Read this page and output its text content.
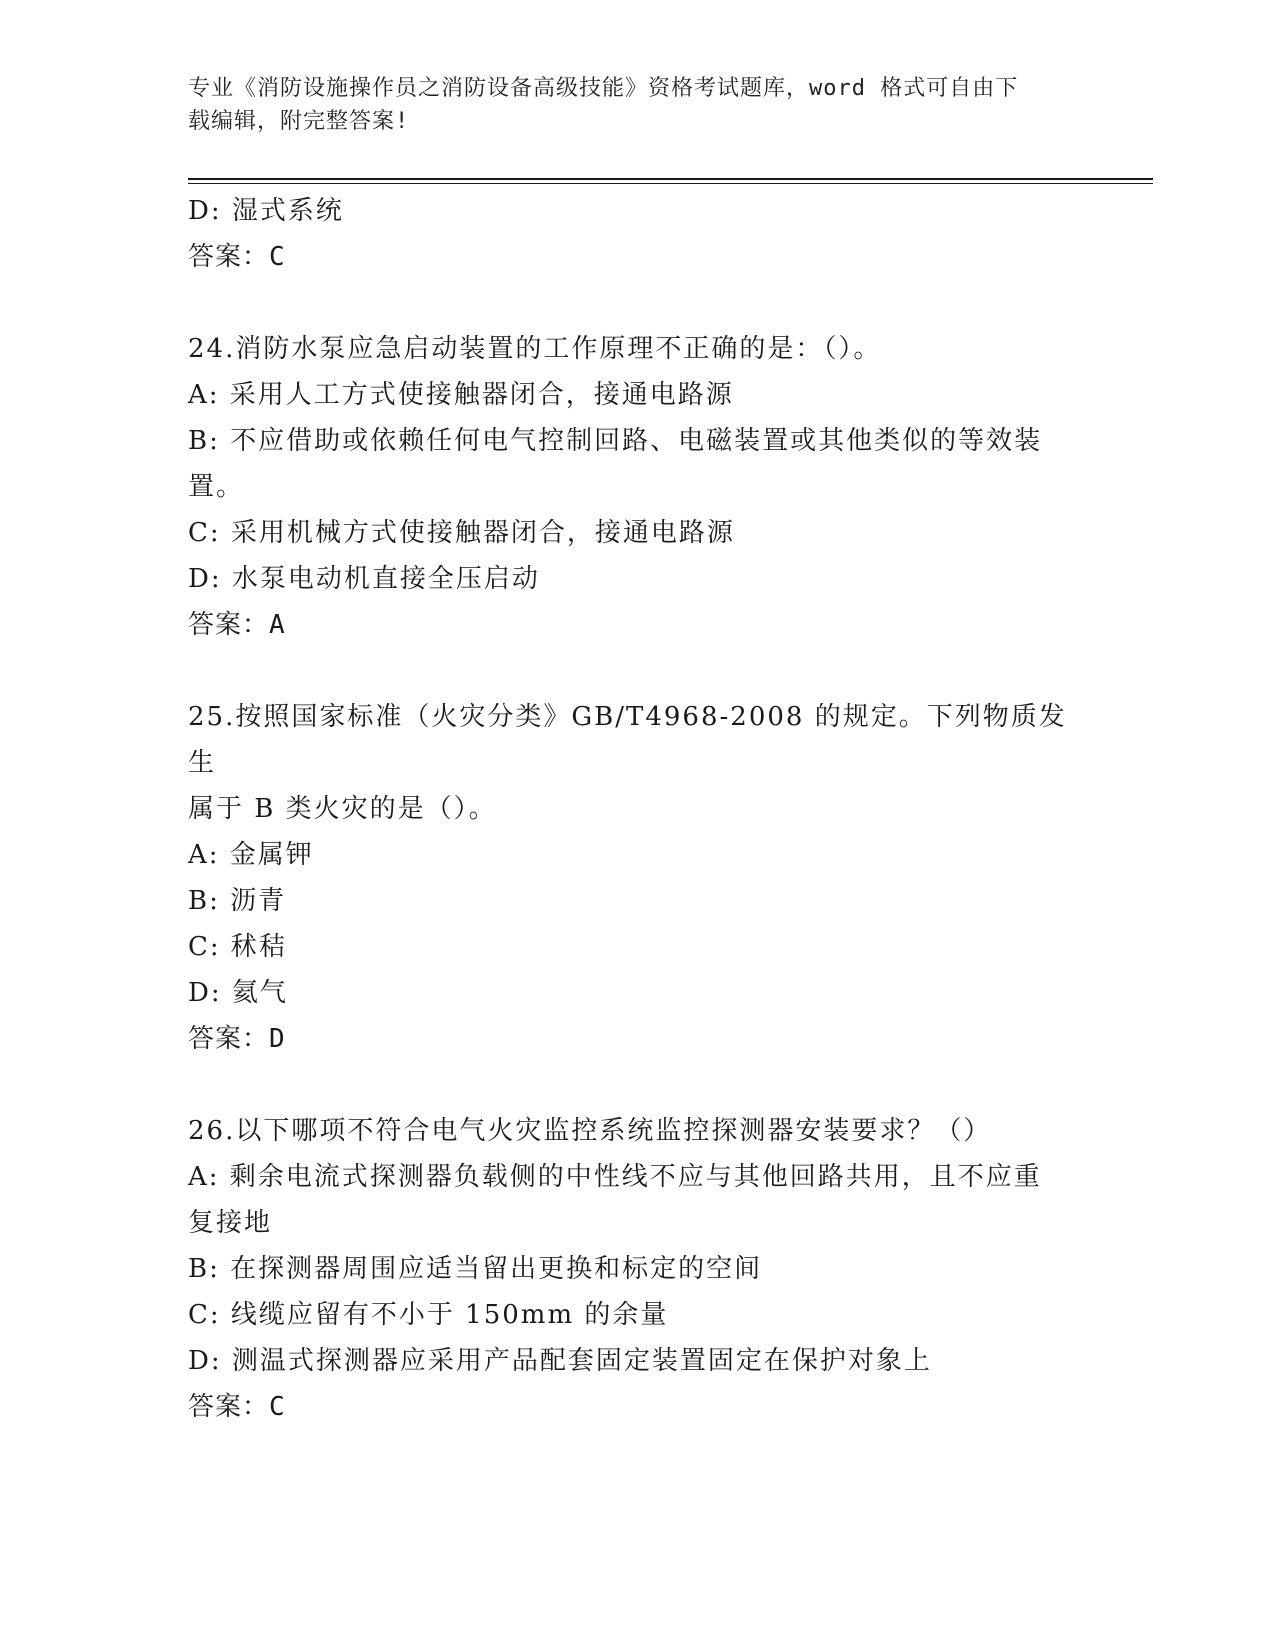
专业《消防设施操作员之消防设备高级技能》资格考试题库，word 格式可自由下
载编辑，附完整答案!

D: 湿式系统

答案：C

24.消防水泵应急启动装置的工作原理不正确的是：（）。

A: 采用人工方式使接触器闭合，接通电路源

B: 不应借助或依赖任何电气控制回路、电磁装置或其他类似的等效装

置。

C: 采用机械方式使接触器闭合，接通电路源

D: 水泵电动机直接全压启动

答案：A

25.按照国家标准（火灾分类》GB/T4968-2008 的规定。下列物质发生

属于 B 类火灾的是（）。

A: 金属钾

B: 沥青

C: 秫秸

D: 氦气

答案：D

26.以下哪项不符合电气火灾监控系统监控探测器安装要求？（）

A: 剩余电流式探测器负载侧的中性线不应与其他回路共用，且不应重

复接地

B: 在探测器周围应适当留出更换和标定的空间

C: 线缆应留有不小于 150mm 的余量

D: 测温式探测器应采用产品配套固定装置固定在保护对象上

答案：C
